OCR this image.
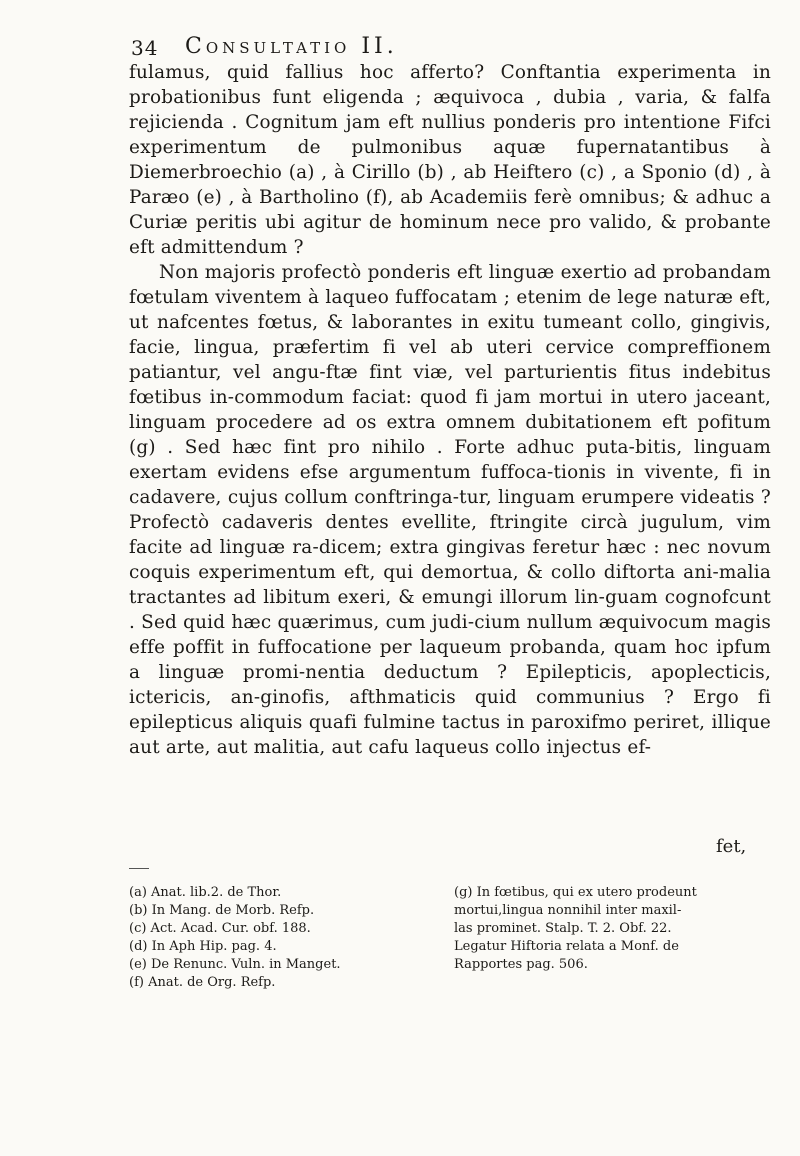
34 Consultatio II.

fulamus, quid fallius hoc afferto? Conftantia experimenta in probationibus funt eligenda ; æquivoca , dubia , varia, & falfa rejicienda . Cognitum jam eft nullius ponderis pro intentione Fifci experimentum de pulmonibus aquæ fupernatantibus à Diemerbroechio (a) , à Cirillo (b) , ab Heiftero (c) , a Sponio (d) , à Paræo (e) , à Bartholino (f), ab Academiis ferè omnibus; & adhuc a Curiæ peritis ubi agitur de hominum nece pro valido, & probante eft admittendum ?

Non majoris profectò ponderis eft linguæ exertio ad probandam fœtulam viventem à laqueo fuffocatam ; etenim de lege naturæ eft, ut nafcentes fœtus, & laborantes in exitu tumeant collo, gingivis, facie, lingua, præfertim fi vel ab uteri cervice compreffionem patiantur, vel angu-ftæ fint viæ, vel parturientis fitus indebitus fœtibus in-commodum faciat: quod fi jam mortui in utero jaceant, linguam procedere ad os extra omnem dubitationem eft pofitum (g) . Sed hæc fint pro nihilo . Forte adhuc puta-bitis, linguam exertam evidens efse argumentum fuffoca-tionis in vivente, fi in cadavere, cujus collum conftringa-tur, linguam erumpere videatis ? Profectò cadaveris dentes evellite, ftringite circà jugulum, vim facite ad linguæ ra-dicem; extra gingivas feretur hæc : nec novum coquis experimentum eft, qui demortua, & collo diftorta ani-malia tractantes ad libitum exeri, & emungi illorum lin-guam cognofcunt . Sed quid hæc quærimus, cum judi-cium nullum æquivocum magis effe poffit in fuffocatione per laqueum probanda, quam hoc ipfum a linguæ promi-nentia deductum ? Epilepticis, apoplecticis, ictericis, an-ginofis, afthmaticis quid communius ? Ergo fi epilepticus aliquis quafi fulmine tactus in paroxifmo periret, illique aut arte, aut malitia, aut cafu laqueus collo injectus ef-

fet,
(a) Anat. lib.2. de Thor.
(b) In Mang. de Morb. Refp.
(c) Act. Acad. Cur. obf. 188.
(d) In Aph Hip. pag. 4.
(e) De Renunc. Vuln. in Manget.
(f) Anat. de Org. Refp.
(g) In fœtibus, qui ex utero prodeunt
mortui,lingua nonnihil inter maxil-
las prominet. Stalp. T. 2. Obf. 22.
Legatur Hiftoria relata a Monf. de
Rapportes pag. 506.
